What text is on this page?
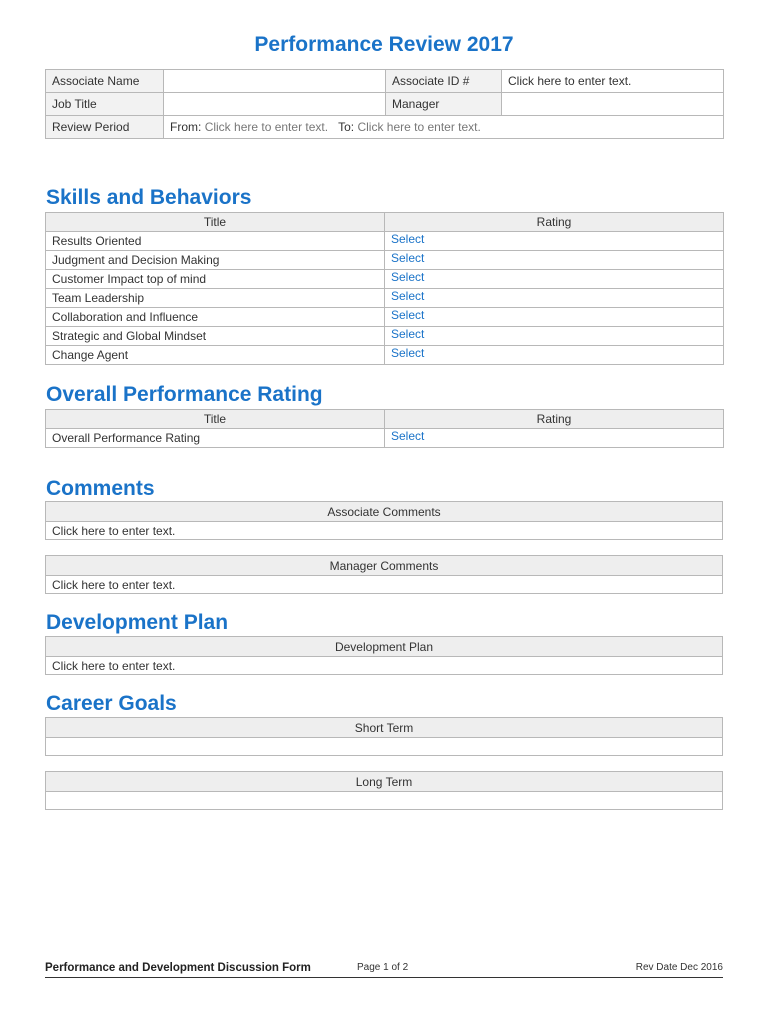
Performance Review 2017
Associate Name		Associate ID #	Click here to enter text.
Job Title		Manager	
Review Period	From: Click here to enter text. To: Click here to enter text.		
Skills and Behaviors
Title	Rating
Results Oriented	Select
Judgment and Decision Making	Select
Customer Impact top of mind	Select
Team Leadership	Select
Collaboration and Influence	Select
Strategic and Global Mindset	Select
Change Agent	Select
Overall Performance Rating
Title	Rating
Overall Performance Rating	Select
Comments
Associate Comments
Click here to enter text.
Manager Comments
Click here to enter text.
Development Plan
Development Plan
Click here to enter text.
Career Goals
Short Term

Long Term

Performance and Development Discussion Form	Page 1 of 2	Rev Date Dec 2016
